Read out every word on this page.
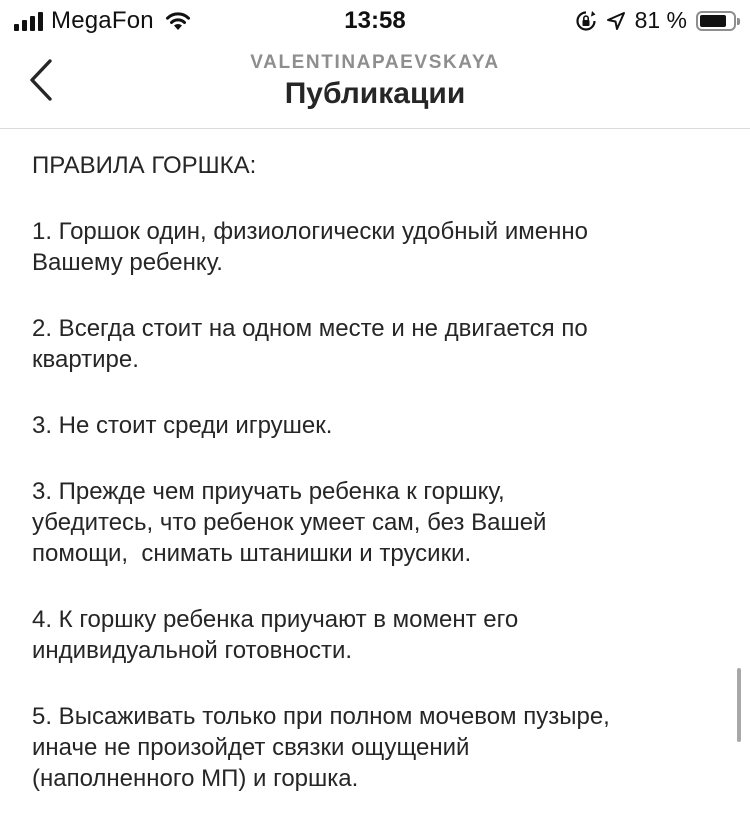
MegaFon	13:58	81 %
VALENTINAPAEVSKAYA
Публикации

ПРАВИЛА ГОРШКА:

1. Горшок один, физиологически удобный именно
Вашему ребенку.

2. Всегда стоит на одном месте и не двигается по
квартире.

3. Не стоит среди игрушек.

3. Прежде чем приучать ребенка к горшку,
убедитесь, что ребенок умеет сам, без Вашей
помощи,  снимать штанишки и трусики.

4. К горшку ребенка приучают в момент его
индивидуальной готовности.

5. Высаживать только при полном мочевом пузыре,
иначе не произойдет связки ощущений
(наполненного МП) и горшка.
